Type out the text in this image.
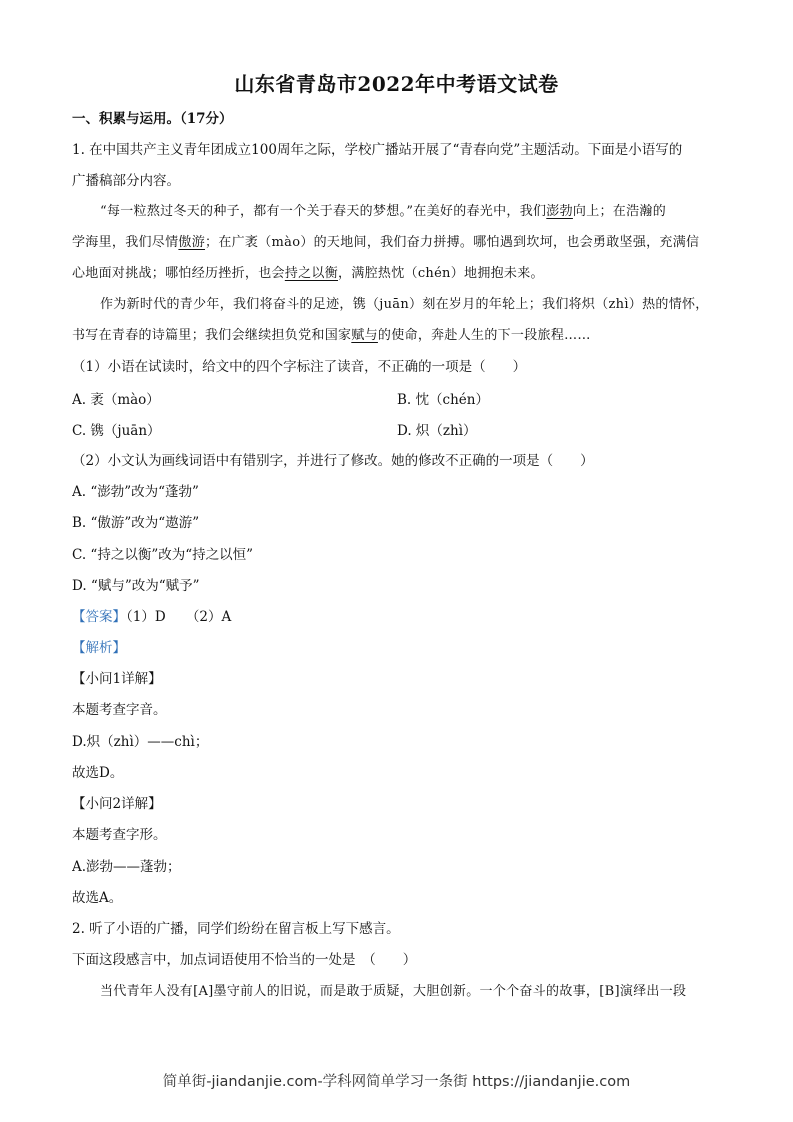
山东省青岛市2022年中考语文试卷
一、积累与运用。（17分）
1. 在中国共产主义青年团成立100周年之际，学校广播站开展了“青春向党”主题活动。下面是小语写的
广播稿部分内容。
“每一粒熬过冬天的种子，都有一个关于春天的梦想。”在美好的春光中，我们澎勃向上；在浩瀚的
学海里，我们尽情傲游；在广袤（mào）的天地间，我们奋力拼搏。哪怕遇到坎坷，也会勇敢坚强，充满信
心地面对挑战；哪怕经历挫折，也会持之以衡，满腔热忱（chén）地拥抱未来。
作为新时代的青少年，我们将奋斗的足迹，镌（juān）刻在岁月的年轮上；我们将炽（zhì）热的情怀，
书写在青春的诗篇里；我们会继续担负党和国家赋与的使命，奔赴人生的下一段旅程……
（1）小语在试读时，给文中的四个字标注了读音，不正确的一项是（　　）
A. 袤（mào）	B. 忱（chén）
C. 镌（juān）	D. 炽（zhì）
（2）小文认为画线词语中有错别字，并进行了修改。她的修改不正确的一项是（　　）
A. “澎勃”改为“蓬勃”
B. “傲游”改为“遨游”
C. “持之以衡”改为“持之以恒”
D. “赋与”改为“赋予”
【答案】（1）D　　（2）A
【解析】
【小问1详解】
本题考查字音。
D.炽（zhì）——chì；
故选D。
【小问2详解】
本题考查字形。
A.澎勃——蓬勃；
故选A。
2. 听了小语的广播，同学们纷纷在留言板上写下感言。
下面这段感言中，加点词语使用不恰当的一处是　（　　）
当代青年人没有[A]墨守前人的旧说，而是敢于质疑，大胆创新。一个个奋斗的故事，[B]演绎出一段
简单街-jiandanjie.com-学科网简单学习一条街 https://jiandanjie.com
